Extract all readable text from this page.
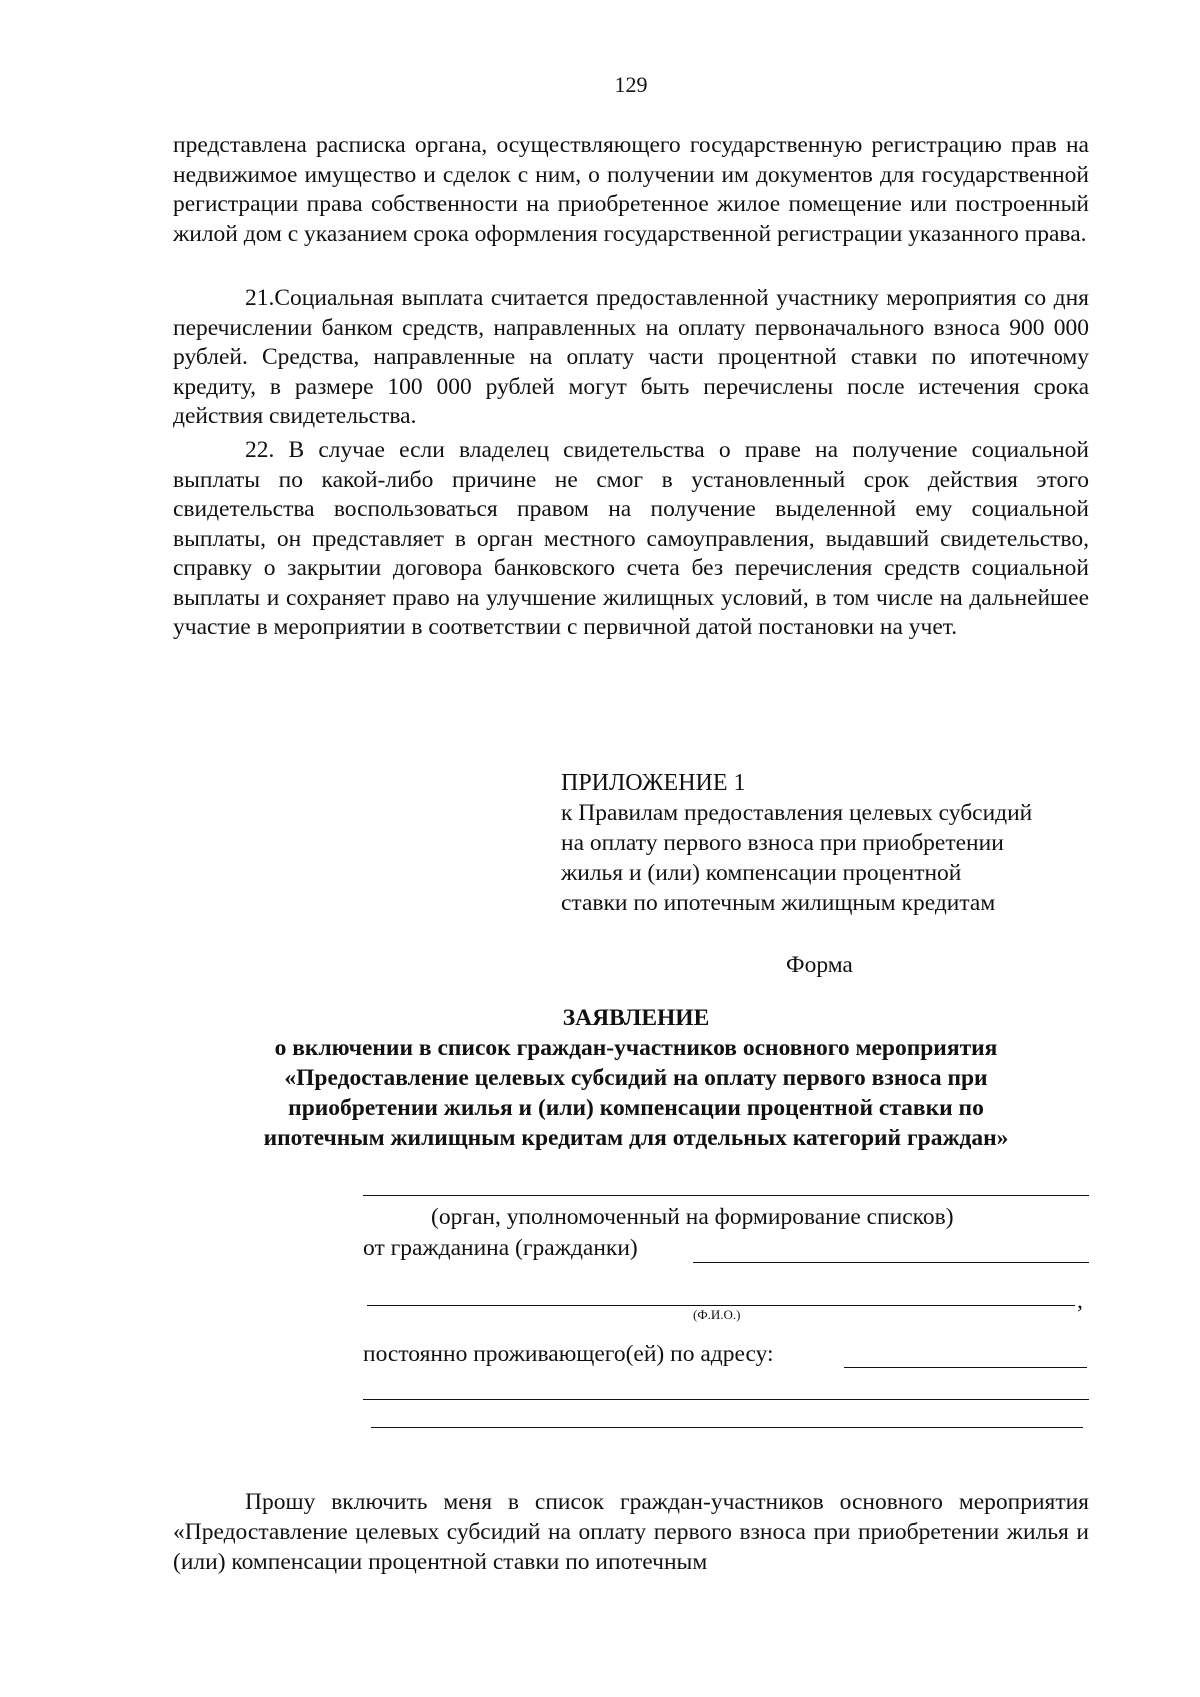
129
представлена расписка органа, осуществляющего государственную регистрацию прав на недвижимое имущество и сделок с ним, о получении им документов для государственной регистрации права собственности на приобретенное жилое помещение или построенный жилой дом с указанием срока оформления государственной регистрации указанного права.
21.Социальная выплата считается предоставленной участнику мероприятия со дня перечислении банком средств, направленных на оплату первоначального взноса 900 000 рублей. Средства, направленные на оплату части процентной ставки по ипотечному кредиту, в размере 100 000 рублей могут быть перечислены после истечения срока действия свидетельства.
22. В случае если владелец свидетельства о праве на получение социальной выплаты по какой-либо причине не смог в установленный срок действия этого свидетельства воспользоваться правом на получение выделенной ему социальной выплаты, он представляет в орган местного самоуправления, выдавший свидетельство, справку о закрытии договора банковского счета без перечисления средств социальной выплаты и сохраняет право на улучшение жилищных условий, в том числе на дальнейшее участие в мероприятии в соответствии с первичной датой постановки на учет.
ПРИЛОЖЕНИЕ 1
к Правилам предоставления целевых субсидий
на оплату первого взноса при приобретении
жилья и (или) компенсации процентной
ставки по ипотечным жилищным кредитам
Форма
ЗАЯВЛЕНИЕ
о включении в список граждан-участников основного мероприятия
«Предоставление целевых субсидий на оплату первого взноса при
приобретении жилья и (или) компенсации процентной ставки по
ипотечным жилищным кредитам для отдельных категорий граждан»
(орган, уполномоченный на формирование списков)
от гражданина (гражданки)
,
(Ф.И.О.)
постоянно проживающего(ей) по адресу:
Прошу включить меня в список граждан-участников основного мероприятия «Предоставление целевых субсидий на оплату первого взноса при приобретении жилья и (или) компенсации процентной ставки по ипотечным
